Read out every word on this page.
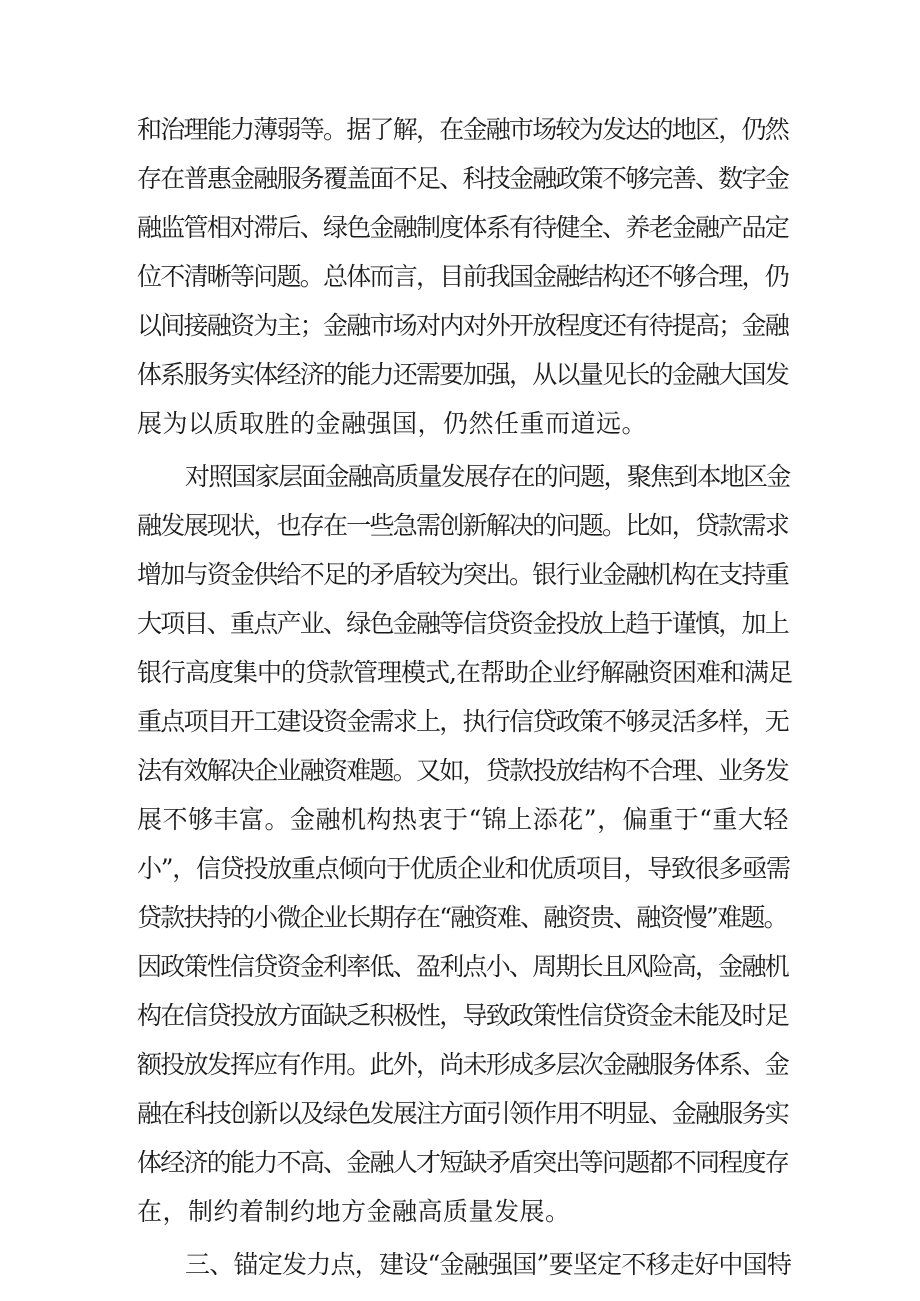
和治理能力薄弱等。据了解，在金融市场较为发达的地区，仍然
存在普惠金融服务覆盖面不足、科技金融政策不够完善、数字金
融监管相对滞后、绿色金融制度体系有待健全、养老金融产品定
位不清晰等问题。总体而言，目前我国金融结构还不够合理，仍
以间接融资为主；金融市场对内对外开放程度还有待提高；金融
体系服务实体经济的能力还需要加强，从以量见长的金融大国发
展为以质取胜的金融强国，仍然任重而道远。
对照国家层面金融高质量发展存在的问题，聚焦到本地区金
融发展现状，也存在一些急需创新解决的问题。比如，贷款需求
增加与资金供给不足的矛盾较为突出。银行业金融机构在支持重
大项目、重点产业、绿色金融等信贷资金投放上趋于谨慎，加上
银行高度集中的贷款管理模式,在帮助企业纾解融资困难和满足
重点项目开工建设资金需求上，执行信贷政策不够灵活多样，无
法有效解决企业融资难题。又如，贷款投放结构不合理、业务发
展不够丰富。金融机构热衷于“锦上添花”，偏重于“重大轻
小”，信贷投放重点倾向于优质企业和优质项目，导致很多亟需
贷款扶持的小微企业长期存在“融资难、融资贵、融资慢”难题。
因政策性信贷资金利率低、盈利点小、周期长且风险高，金融机
构在信贷投放方面缺乏积极性，导致政策性信贷资金未能及时足
额投放发挥应有作用。此外，尚未形成多层次金融服务体系、金
融在科技创新以及绿色发展注方面引领作用不明显、金融服务实
体经济的能力不高、金融人才短缺矛盾突出等问题都不同程度存
在，制约着制约地方金融高质量发展。
三、锚定发力点，建设“金融强国”要坚定不移走好中国特
